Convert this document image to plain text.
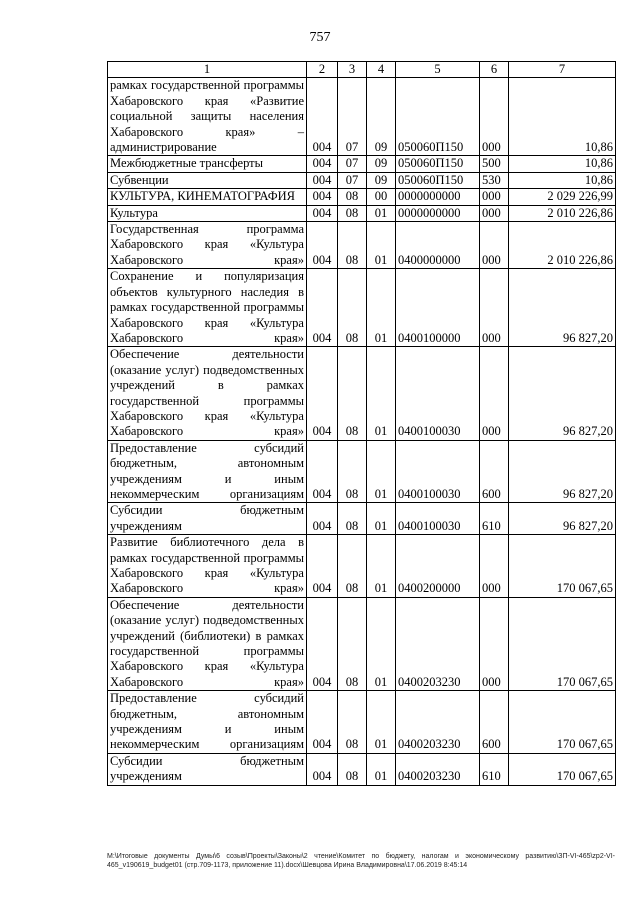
757
1	2	3	4	5	6	7
рамках государственной программы Хабаровского края «Развитие социальной защиты населения Хабаровского края» – администрирование	004	07	09	050060П150	000	10,86
Межбюджетные трансферты	004	07	09	050060П150	500	10,86
Субвенции	004	07	09	050060П150	530	10,86
КУЛЬТУРА, КИНЕМАТОГРАФИЯ	004	08	00	0000000000	000	2 029 226,99
Культура	004	08	01	0000000000	000	2 010 226,86
Государственная программа Хабаровского края «Культура Хабаровского края»	004	08	01	0400000000	000	2 010 226,86
Сохранение и популяризация объектов культурного наследия в рамках государственной программы Хабаровского края «Культура Хабаровского края»	004	08	01	0400100000	000	96 827,20
Обеспечение деятельности (оказание услуг) подведомственных учреждений в рамках государственной программы Хабаровского края «Культура Хабаровского края»	004	08	01	0400100030	000	96 827,20
Предоставление субсидий бюджетным, автономным учреждениям и иным некоммерческим организациям	004	08	01	0400100030	600	96 827,20
Субсидии бюджетным учреждениям	004	08	01	0400100030	610	96 827,20
Развитие библиотечного дела в рамках государственной программы Хабаровского края «Культура Хабаровского края»	004	08	01	0400200000	000	170 067,65
Обеспечение деятельности (оказание услуг) подведомственных учреждений (библиотеки) в рамках государственной программы Хабаровского края «Культура Хабаровского края»	004	08	01	0400203230	000	170 067,65
Предоставление субсидий бюджетным, автономным учреждениям и иным некоммерческим организациям	004	08	01	0400203230	600	170 067,65
Субсидии бюджетным учреждениям	004	08	01	0400203230	610	170 067,65
M:\Итоговые документы Думы\6 созыв\Проекты\Законы\2 чтение\Комитет по бюджету, налогам и экономическому развитию\ЗП-VI-465\zp2-VI-465_v190619_budget01 (стр.709-1173, приложение 11).docx\Шевцова Ирина Владимировна\17.06.2019 8:45:14
